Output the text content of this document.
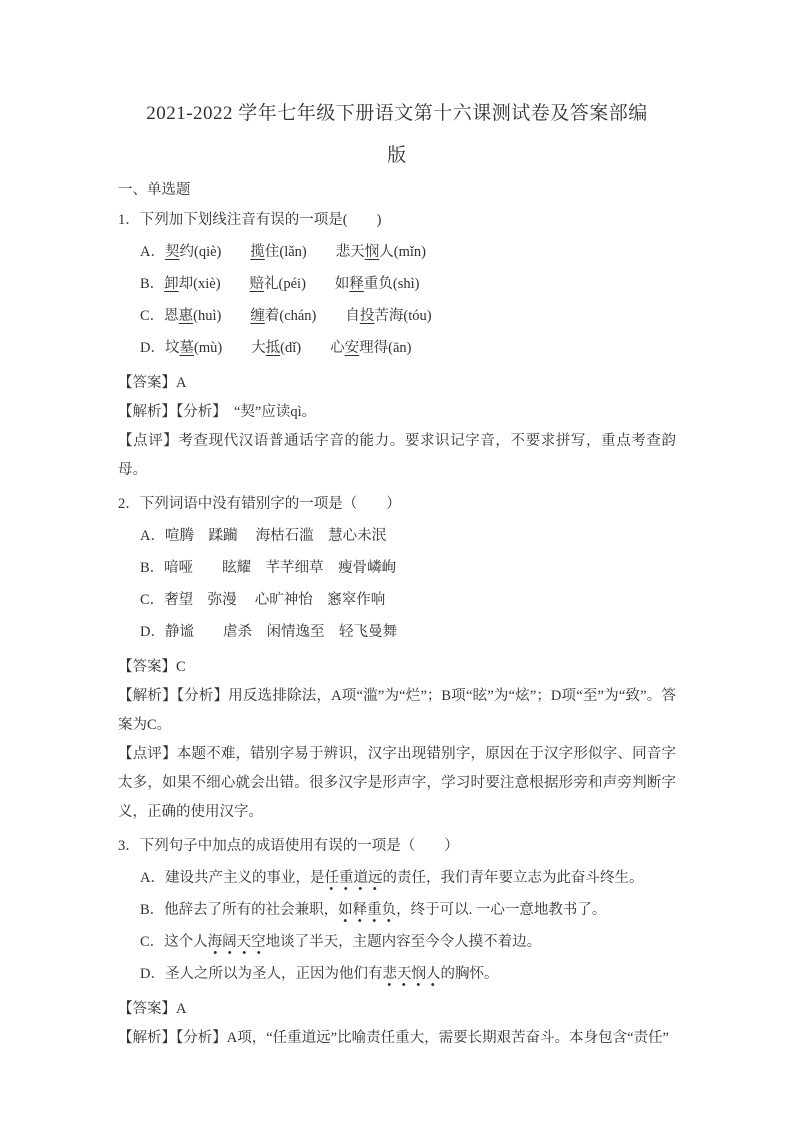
2021-2022 学年七年级下册语文第十六课测试卷及答案部编
版
一、单选题

1．下列加下划线注音有误的一项是(　　)

A．契约(qiè)　　揽住(lǎn)　　悲天悯人(mǐn)

B．卸却(xiè)　　赔礼(péi)　　如释重负(shì)

C．恩惠(huì)　　缠着(chán)　　自投苦海(tóu)

D．坟墓(mù)　　大抵(dǐ)　　心安理得(ān)

【答案】A

【解析】【分析】　“契”应读qì。

【点评】考查现代汉语普通话字音的能力。要求识记字音，不要求拼写，重点考查韵母。

2．下列词语中没有错别字的一项是（　　）

A．喧腾　蹂躏　 海枯石滥　慧心未泯

B．喑哑　　眩耀　芊芊细草　瘦骨嶙峋

C．奢望　弥漫　 心旷神怡　窸窣作响

D．静谧　　虐杀　闲情逸至　轻飞曼舞

【答案】C

【解析】【分析】用反选排除法，A项“滥”为“烂”；B项“眩”为“炫”；D项“至”为“致”。答案为C。

【点评】本题不难，错别字易于辨识，汉字出现错别字，原因在于汉字形似字、同音字太多，如果不细心就会出错。很多汉字是形声字，学习时要注意根据形旁和声旁判断字义，正确的使用汉字。

3．下列句子中加点的成语使用有误的一项是（　　）

A．建设共产主义的事业，是任重道远的责任，我们青年要立志为此奋斗终生。

B．他辞去了所有的社会兼职，如释重负，终于可以. 一心一意地教书了。

C．这个人海阔天空地谈了半天，主题内容至今令人摸不着边。

D．圣人之所以为圣人，正因为他们有悲天悯人的胸怀。

【答案】A

【解析】【分析】A项，“任重道远”比喻责任重大，需要长期艰苦奋斗。本身包含“责任”
